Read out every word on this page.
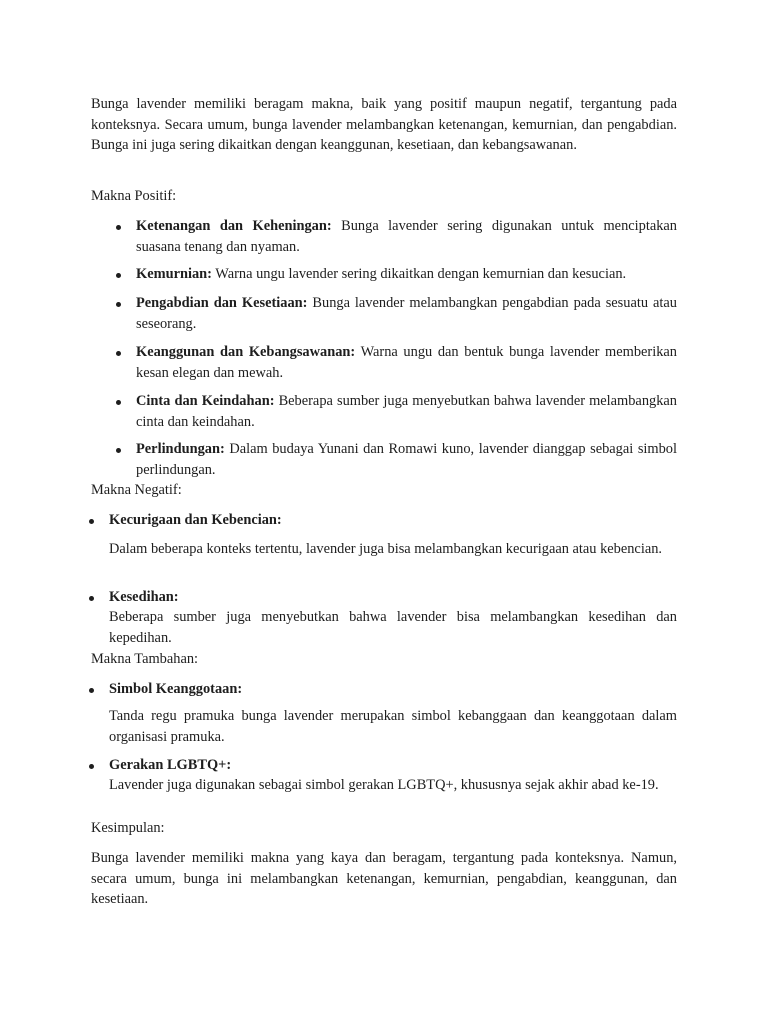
Bunga lavender memiliki beragam makna, baik yang positif maupun negatif, tergantung pada konteksnya. Secara umum, bunga lavender melambangkan ketenangan, kemurnian, dan pengabdian. Bunga ini juga sering dikaitkan dengan keanggunan, kesetiaan, dan kebangsawanan.

Makna Positif:

Ketenangan dan Keheningan: Bunga lavender sering digunakan untuk menciptakan suasana tenang dan nyaman.

Kemurnian: Warna ungu lavender sering dikaitkan dengan kemurnian dan kesucian.

Pengabdian dan Kesetiaan: Bunga lavender melambangkan pengabdian pada sesuatu atau seseorang.

Keanggunan dan Kebangsawanan: Warna ungu dan bentuk bunga lavender memberikan kesan elegan dan mewah.

Cinta dan Keindahan: Beberapa sumber juga menyebutkan bahwa lavender melambangkan cinta dan keindahan.

Perlindungan: Dalam budaya Yunani dan Romawi kuno, lavender dianggap sebagai simbol perlindungan.

Makna Negatif:

Kecurigaan dan Kebencian:

Dalam beberapa konteks tertentu, lavender juga bisa melambangkan kecurigaan atau kebencian.

Kesedihan:

Beberapa sumber juga menyebutkan bahwa lavender bisa melambangkan kesedihan dan kepedihan.

Makna Tambahan:

Simbol Keanggotaan:

Tanda regu pramuka bunga lavender merupakan simbol kebanggaan dan keanggotaan dalam organisasi pramuka.

Gerakan LGBTQ+:

Lavender juga digunakan sebagai simbol gerakan LGBTQ+, khususnya sejak akhir abad ke-19.

Kesimpulan:

Bunga lavender memiliki makna yang kaya dan beragam, tergantung pada konteksnya. Namun, secara umum, bunga ini melambangkan ketenangan, kemurnian, pengabdian, keanggunan, dan kesetiaan.
